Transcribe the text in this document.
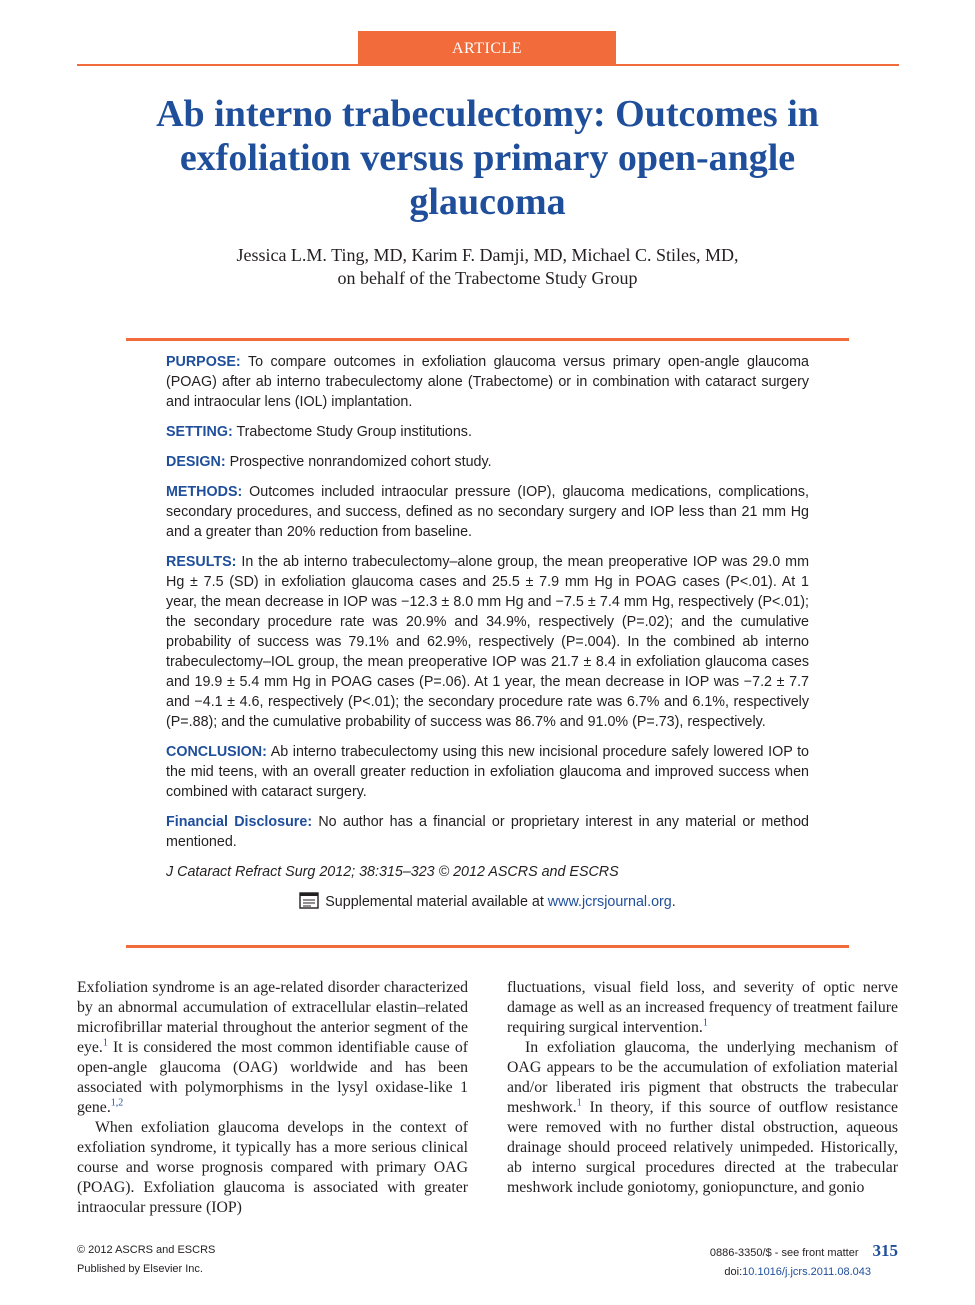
ARTICLE
Ab interno trabeculectomy: Outcomes in exfoliation versus primary open-angle glaucoma
Jessica L.M. Ting, MD, Karim F. Damji, MD, Michael C. Stiles, MD,
on behalf of the Trabectome Study Group

PURPOSE: To compare outcomes in exfoliation glaucoma versus primary open-angle glaucoma (POAG) after ab interno trabeculectomy alone (Trabectome) or in combination with cataract surgery and intraocular lens (IOL) implantation.

SETTING: Trabectome Study Group institutions.

DESIGN: Prospective nonrandomized cohort study.

METHODS: Outcomes included intraocular pressure (IOP), glaucoma medications, complications, secondary procedures, and success, defined as no secondary surgery and IOP less than 21 mm Hg and a greater than 20% reduction from baseline.

RESULTS: In the ab interno trabeculectomy–alone group, the mean preoperative IOP was 29.0 mm Hg ± 7.5 (SD) in exfoliation glaucoma cases and 25.5 ± 7.9 mm Hg in POAG cases (P<.01). At 1 year, the mean decrease in IOP was −12.3 ± 8.0 mm Hg and −7.5 ± 7.4 mm Hg, respectively (P<.01); the secondary procedure rate was 20.9% and 34.9%, respectively (P=.02); and the cumulative probability of success was 79.1% and 62.9%, respectively (P=.004). In the combined ab interno trabeculectomy–IOL group, the mean preoperative IOP was 21.7 ± 8.4 in exfoliation glaucoma cases and 19.9 ± 5.4 mm Hg in POAG cases (P=.06). At 1 year, the mean decrease in IOP was −7.2 ± 7.7 and −4.1 ± 4.6, respectively (P<.01); the secondary procedure rate was 6.7% and 6.1%, respectively (P=.88); and the cumulative probability of success was 86.7% and 91.0% (P=.73), respectively.

CONCLUSION: Ab interno trabeculectomy using this new incisional procedure safely lowered IOP to the mid teens, with an overall greater reduction in exfoliation glaucoma and improved success when combined with cataract surgery.

Financial Disclosure: No author has a financial or proprietary interest in any material or method mentioned.

J Cataract Refract Surg 2012; 38:315–323 © 2012 ASCRS and ESCRS

Supplemental material available at www.jcrsjournal.org.

Exfoliation syndrome is an age-related disorder characterized by an abnormal accumulation of extracellular elastin–related microfibrillar material throughout the anterior segment of the eye.$^1$ It is considered the most common identifiable cause of open-angle glaucoma (OAG) worldwide and has been associated with polymorphisms in the lysyl oxidase-like 1 gene.$^{1,2}$

When exfoliation glaucoma develops in the context of exfoliation syndrome, it typically has a more serious clinical course and worse prognosis compared with primary OAG (POAG). Exfoliation glaucoma is associated with greater intraocular pressure (IOP)

fluctuations, visual field loss, and severity of optic nerve damage as well as an increased frequency of treatment failure requiring surgical intervention.$^1$

In exfoliation glaucoma, the underlying mechanism of OAG appears to be the accumulation of exfoliation material and/or liberated iris pigment that obstructs the trabecular meshwork.$^1$ In theory, if this source of outflow resistance were removed with no further distal obstruction, aqueous drainage should proceed relatively unimpeded. Historically, ab interno surgical procedures directed at the trabecular meshwork include goniotomy, goniopuncture, and gonio

© 2012 ASCRS and ESCRS
Published by Elsevier Inc.
0886-3350/$ - see front matter 315
doi:10.1016/j.jcrs.2011.08.043
